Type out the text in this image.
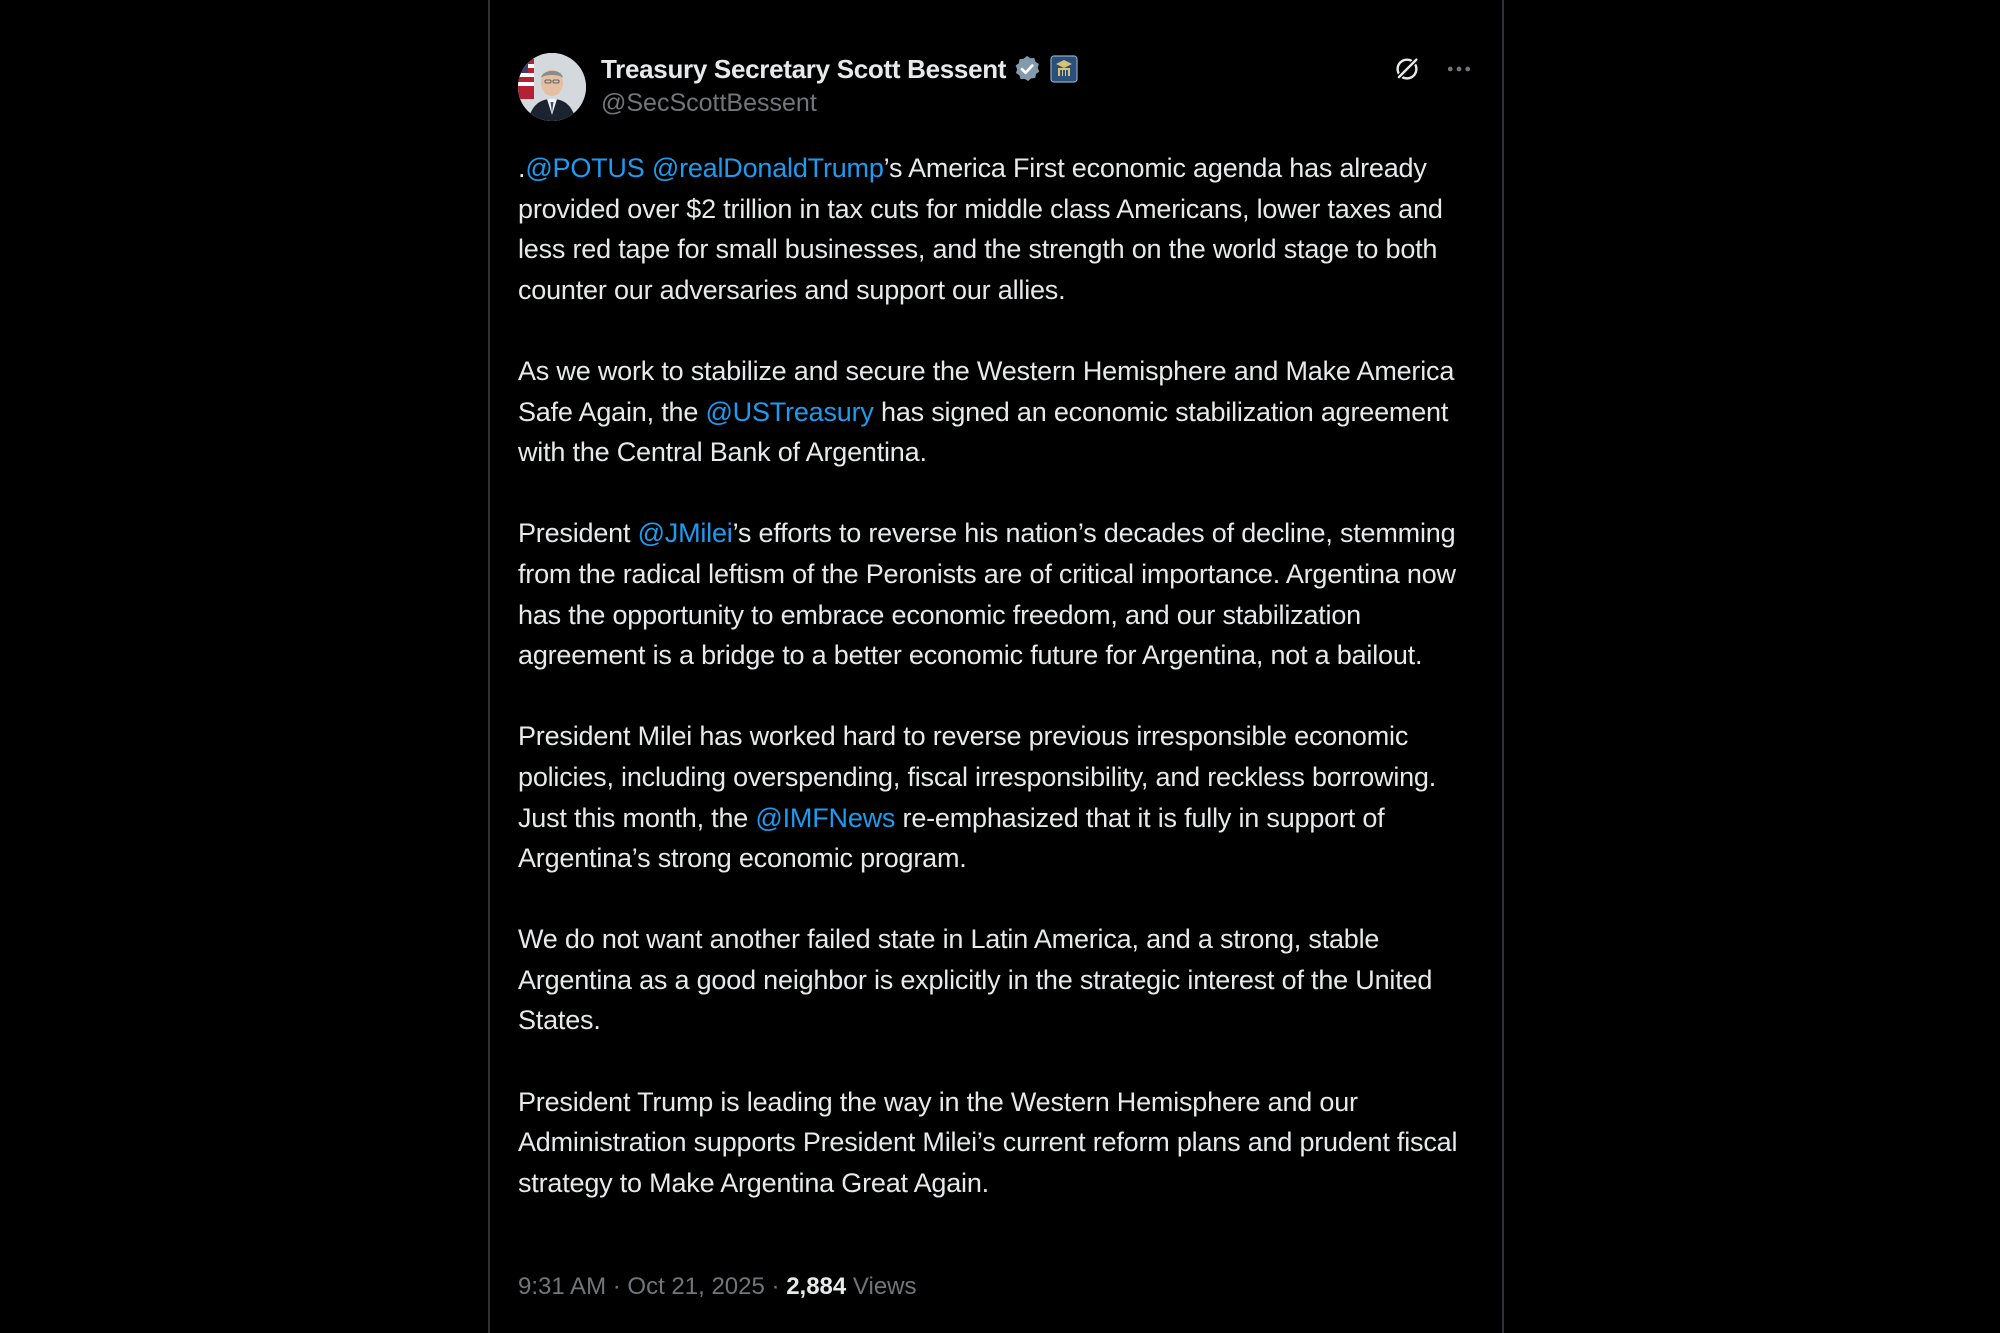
Treasury Secretary Scott Bessent
@SecScottBessent

.@POTUS @realDonaldTrump’s America First economic agenda has already provided over $2 trillion in tax cuts for middle class Americans, lower taxes and less red tape for small businesses, and the strength on the world stage to both counter our adversaries and support our allies.

As we work to stabilize and secure the Western Hemisphere and Make America Safe Again, the @USTreasury has signed an economic stabilization agreement with the Central Bank of Argentina.

President @JMilei’s efforts to reverse his nation’s decades of decline, stemming from the radical leftism of the Peronists are of critical importance. Argentina now has the opportunity to embrace economic freedom, and our stabilization agreement is a bridge to a better economic future for Argentina, not a bailout.

President Milei has worked hard to reverse previous irresponsible economic policies, including overspending, fiscal irresponsibility, and reckless borrowing. Just this month, the @IMFNews re-emphasized that it is fully in support of Argentina’s strong economic program.

We do not want another failed state in Latin America, and a strong, stable Argentina as a good neighbor is explicitly in the strategic interest of the United States.

President Trump is leading the way in the Western Hemisphere and our Administration supports President Milei’s current reform plans and prudent fiscal strategy to Make Argentina Great Again.

9:31 AM · Oct 21, 2025 · 2,884 Views
